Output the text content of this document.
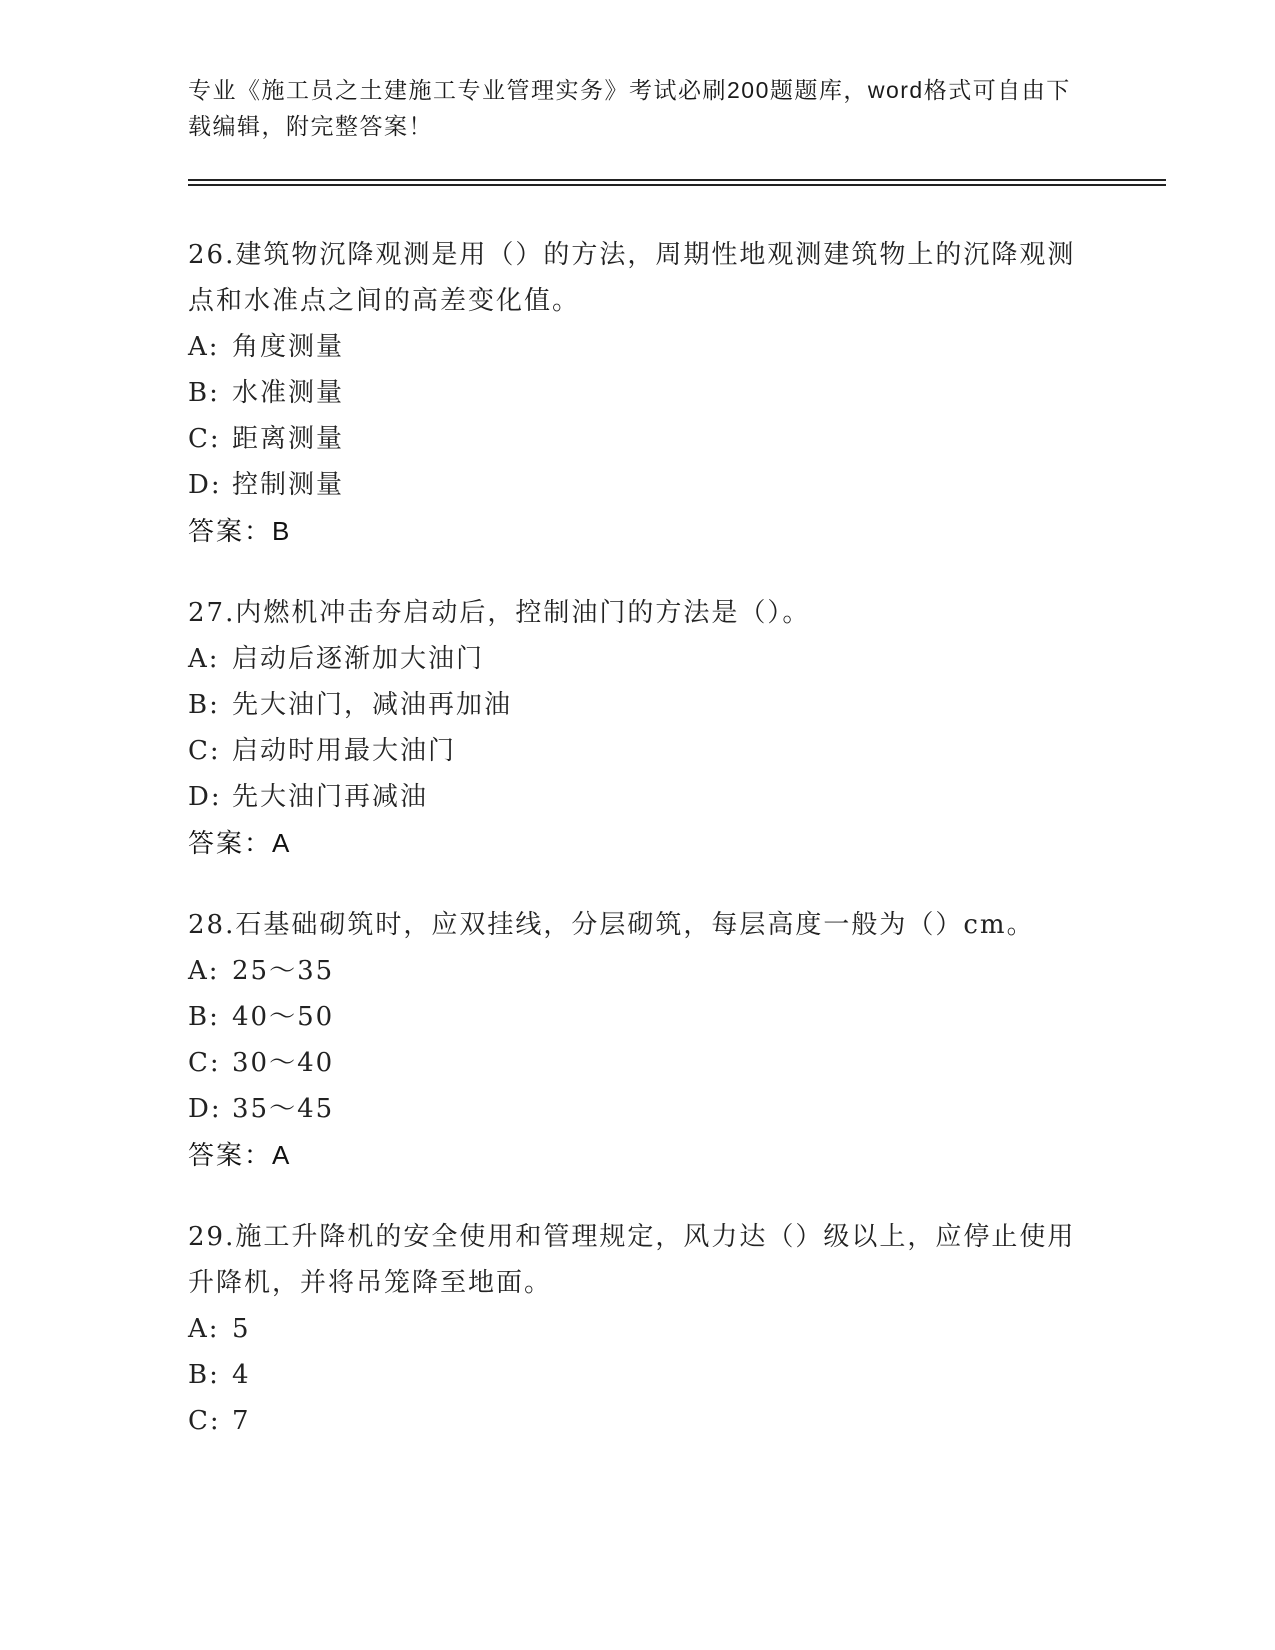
专业《施工员之土建施工专业管理实务》考试必刷200题题库，word格式可自由下载编辑，附完整答案！

26.建筑物沉降观测是用（）的方法，周期性地观测建筑物上的沉降观测点和水准点之间的高差变化值。

A: 角度测量

B: 水准测量

C: 距离测量

D: 控制测量

答案：B

27.内燃机冲击夯启动后，控制油门的方法是（）。

A: 启动后逐渐加大油门

B: 先大油门，减油再加油

C: 启动时用最大油门

D: 先大油门再减油

答案：A

28.石基础砌筑时，应双挂线，分层砌筑，每层高度一般为（）cm。

A: 25～35

B: 40～50

C: 30～40

D: 35～45

答案：A

29.施工升降机的安全使用和管理规定，风力达（）级以上，应停止使用升降机，并将吊笼降至地面。

A: 5

B: 4

C: 7
